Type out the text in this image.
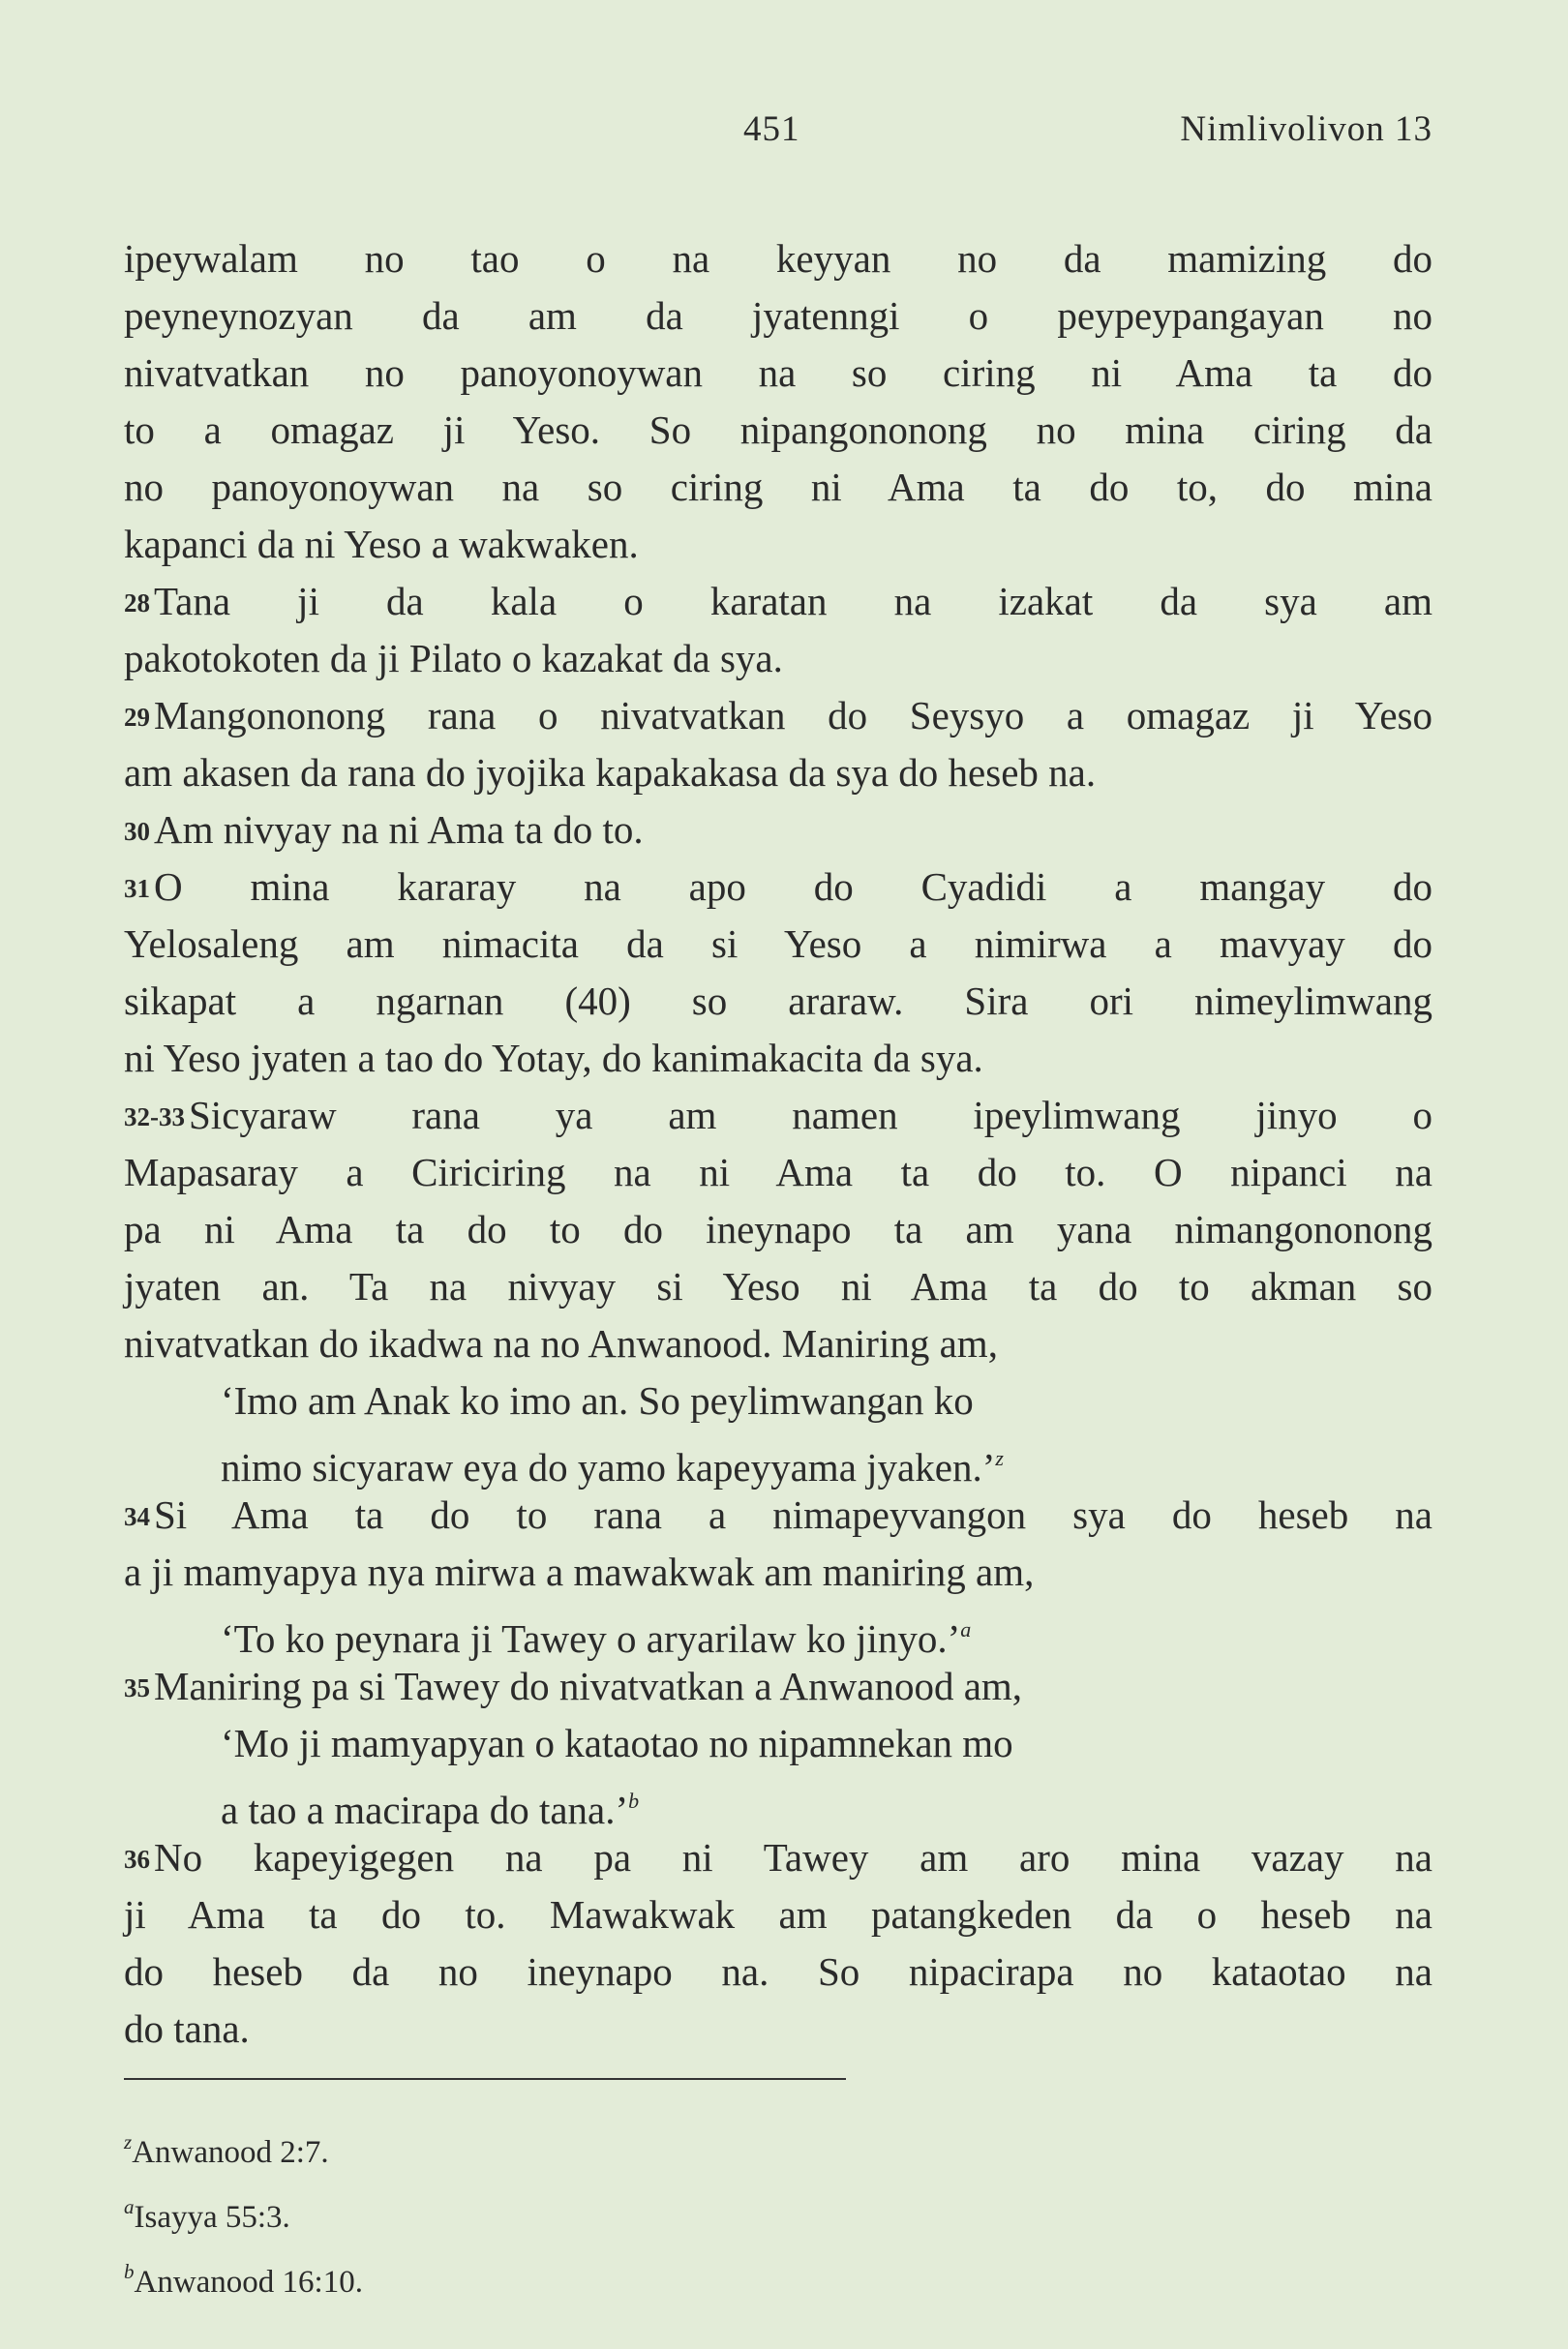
451	Nimlivolivon 13
ipeywalam no tao o na keyyan no da mamizing do
peyneynozyan da am da jyatenngi o peypeypangayan no
nivatvatkan no panoyonoywan na so ciring ni Ama ta do
to a omagaz ji Yeso. So nipangononong no mina ciring da
no panoyonoywan na so ciring ni Ama ta do to, do mina
kapanci da ni Yeso a wakwaken.
28Tana ji da kala o karatan na izakat da sya am
pakotokoten da ji Pilato o kazakat da sya.
29Mangononong rana o nivatvatkan do Seysyo a omagaz ji Yeso
am akasen da rana do jyojika kapakakasa da sya do heseb na.
30Am nivyay na ni Ama ta do to.
31O mina kararay na apo do Cyadidi a mangay do
Yelosaleng am nimacita da si Yeso a nimirwa a mavyay do
sikapat a ngarnan (40) so araraw. Sira ori nimeylimwang
ni Yeso jyaten a tao do Yotay, do kanimakacita da sya.
32-33Sicyaraw rana ya am namen ipeylimwang jinyo o
Mapasaray a Ciriciring na ni Ama ta do to. O nipanci na
pa ni Ama ta do to do ineynapo ta am yana nimangononong
jyaten an. Ta na nivyay si Yeso ni Ama ta do to akman so
nivatvatkan do ikadwa na no Anwanood. Maniring am,
‘Imo am Anak ko imo an. So peylimwangan ko
nimo sicyaraw eya do yamo kapeyyama jyaken.’$^z$
34Si Ama ta do to rana a nimapeyvangon sya do heseb na
a ji mamyapya nya mirwa a mawakwak am maniring am,
‘To ko peynara ji Tawey o aryarilaw ko jinyo.’$^a$
35Maniring pa si Tawey do nivatvatkan a Anwanood am,
‘Mo ji mamyapyan o kataotao no nipamnekan mo
a tao a macirapa do tana.’$^b$
36No kapeyigegen na pa ni Tawey am aro mina vazay na
ji Ama ta do to. Mawakwak am patangkeden da o heseb na
do heseb da no ineynapo na. So nipacirapa no kataotao na
do tana.
$^z$Anwanood 2:7.
$^a$Isayya 55:3.
$^b$Anwanood 16:10.
